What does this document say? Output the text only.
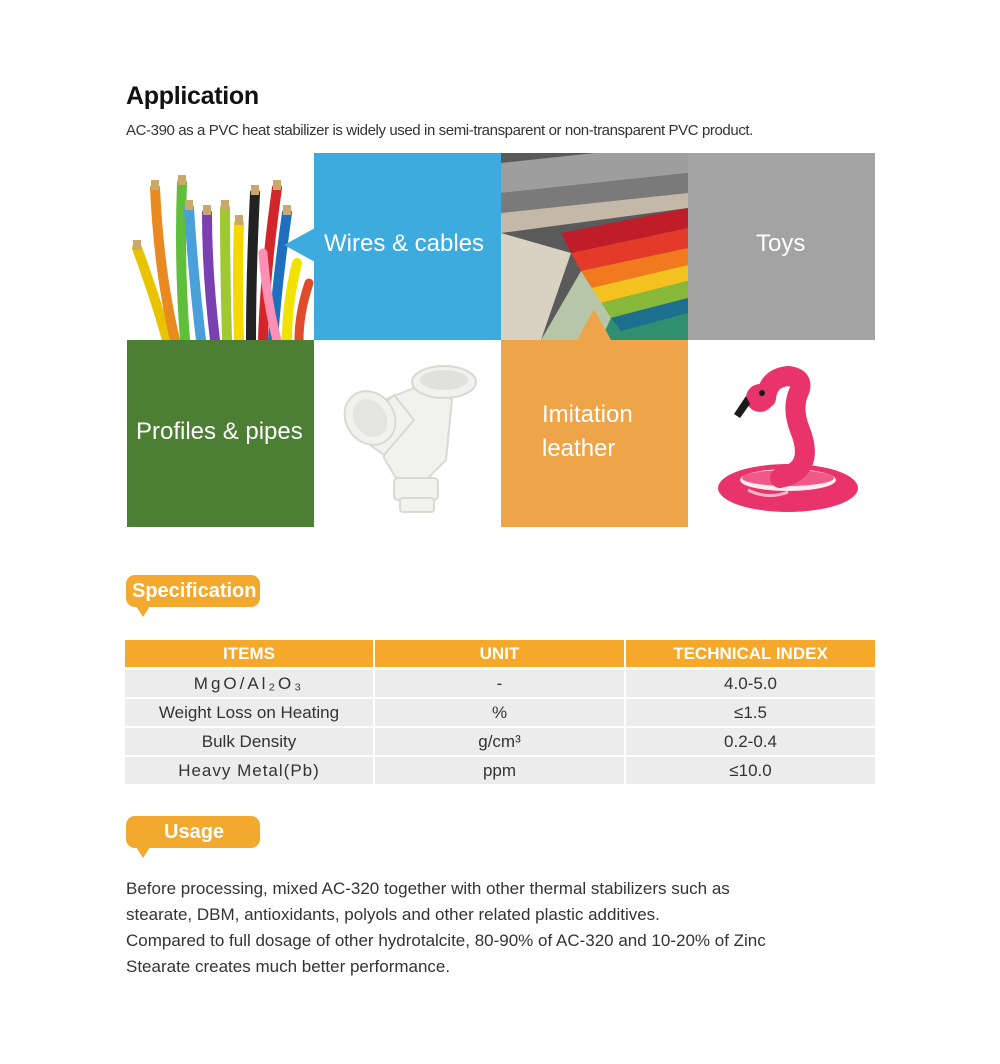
Application
AC-390 as a PVC heat stabilizer is widely used in semi-transparent or non-transparent PVC product.
Wires & cables	Toys
Profiles & pipes
Imitation
leather
Specification
ITEMS	UNIT	TECHNICAL INDEX
MgO/Al₂O₃	-	4.0-5.0
Weight Loss on Heating	%	≤1.5
Bulk Density	g/cm³	0.2-0.4
Heavy Metal(Pb)	ppm	≤10.0
Usage

Before processing, mixed AC-320 together with other thermal stabilizers such as

stearate, DBM, antioxidants, polyols and other related plastic additives.

Compared to full dosage of other hydrotalcite, 80-90% of AC-320 and 10-20% of Zinc

Stearate creates much better performance.
